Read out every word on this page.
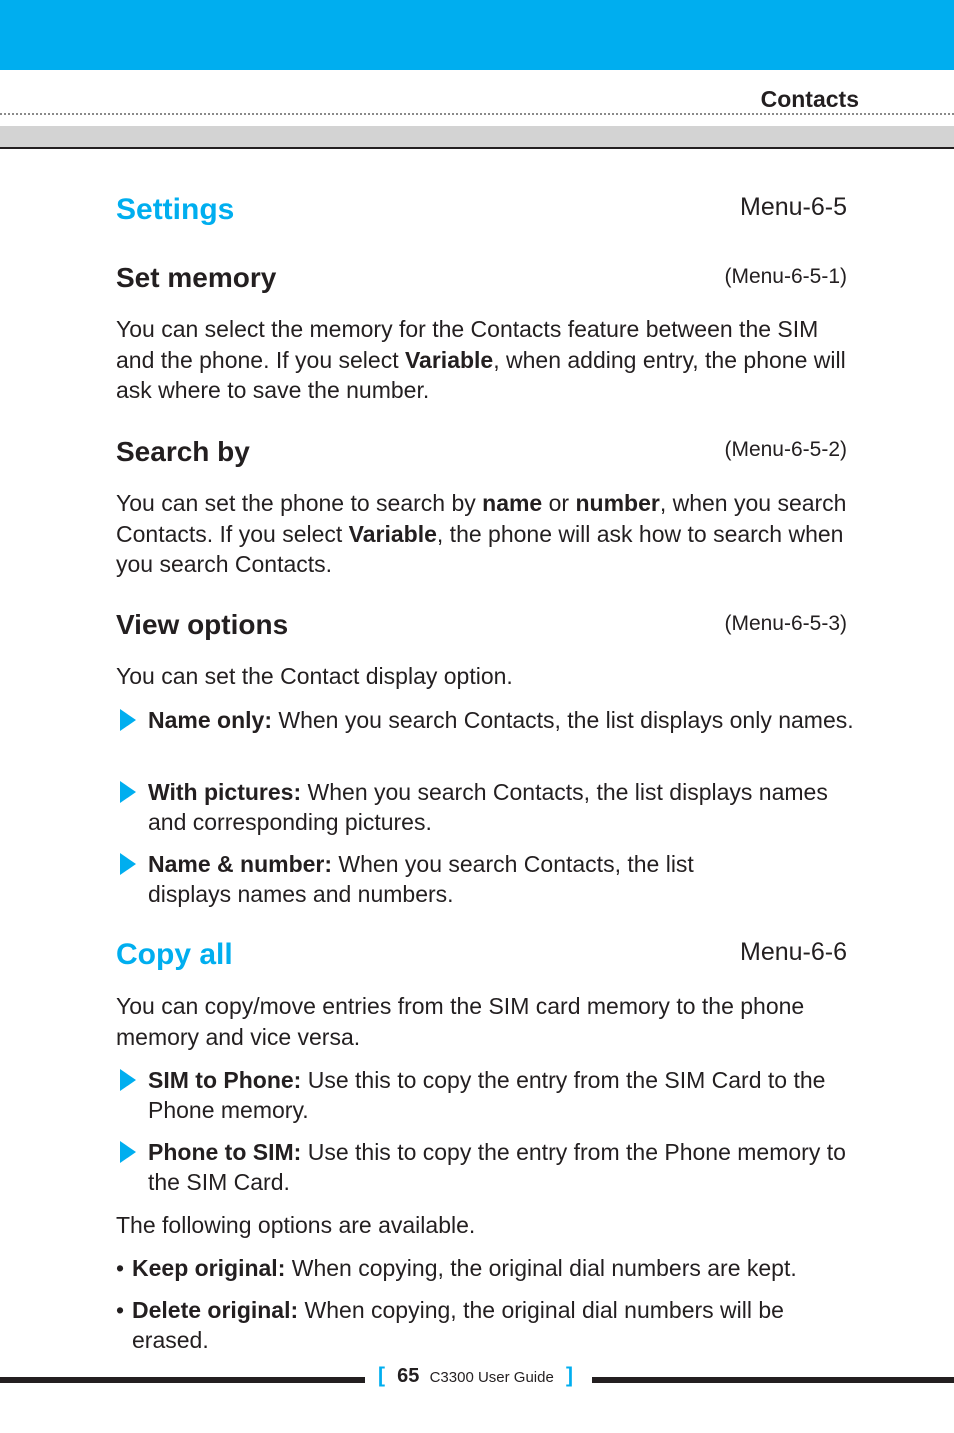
Contacts
Settings	Menu-6-5
Set memory	(Menu-6-5-1)
You can select the memory for the Contacts feature between the SIM and the phone. If you select Variable, when adding entry, the phone will ask where to save the number.
Search by	(Menu-6-5-2)
You can set the phone to search by name or number, when you search Contacts. If you select Variable, the phone will ask how to search when you search Contacts.
View options	(Menu-6-5-3)
You can set the Contact display option.
Name only: When you search Contacts, the list displays only names.
With pictures: When you search Contacts, the list displays names and corresponding pictures.
Name & number: When you search Contacts, the list displays names and numbers.
Copy all	Menu-6-6
You can copy/move entries from the SIM card memory to the phone memory and vice versa.
SIM to Phone: Use this to copy the entry from the SIM Card to the Phone memory.
Phone to SIM: Use this to copy the entry from the Phone memory to the SIM Card.
The following options are available.
• Keep original: When copying, the original dial numbers are kept.
• Delete original: When copying, the original dial numbers will be erased.
[ 65 C3300 User Guide ]
